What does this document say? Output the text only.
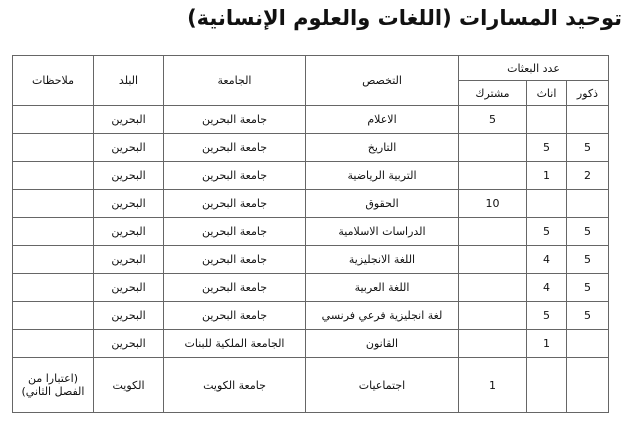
توحيد المسارات (اللغات والعلوم الإنسانية)
عدد البعثات			التخصص	الجامعة	البلد	ملاحظات
ذكور	اناث	مشترك				
		5	الاعلام	جامعة البحرين	البحرين	
5	5		التاريخ	جامعة البحرين	البحرين	
2	1		التربية الرياضية	جامعة البحرين	البحرين	
		10	الحقوق	جامعة البحرين	البحرين	
5	5		الدراسات الاسلامية	جامعة البحرين	البحرين	
5	4		اللغة الانجليزية	جامعة البحرين	البحرين	
5	4		اللغة العربية	جامعة البحرين	البحرين	
5	5		لغة انجليزية فرعي فرنسي	جامعة البحرين	البحرين	
	1		القانون	الجامعة الملكية للبنات	البحرين	
		1	اجتماعيات	جامعة الكويت	الكويت	(اعتبارا من الفصل الثاني)
